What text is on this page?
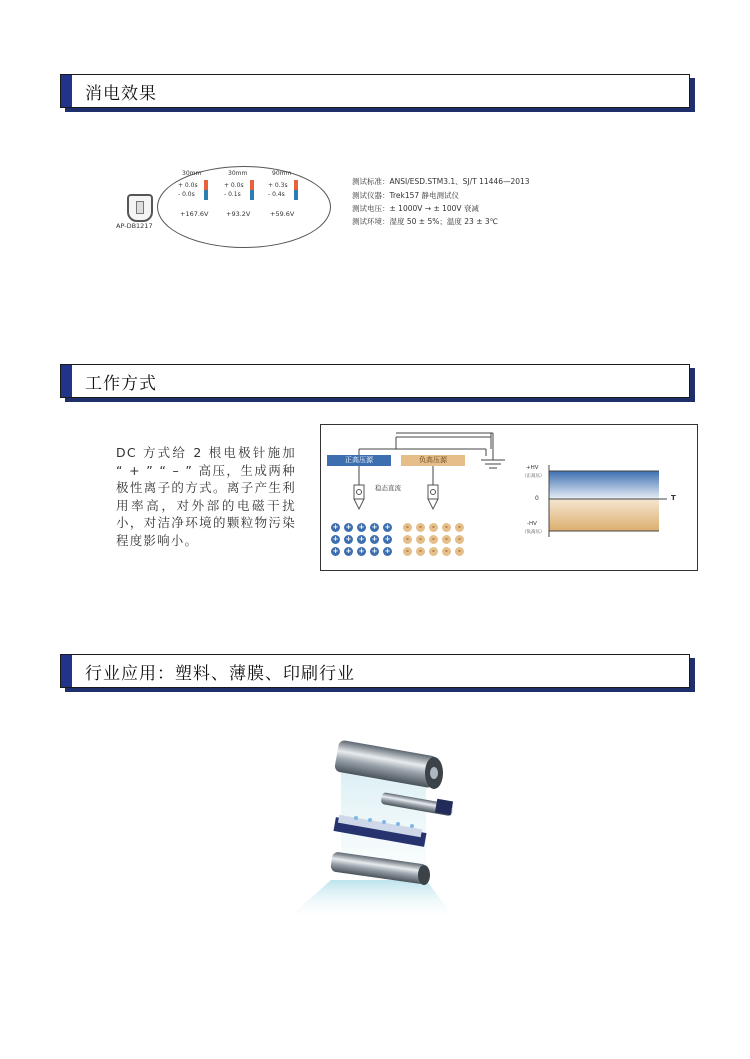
消电效果
AP-DB1217
30mm
+ 0.0s
- 0.0s
+167.6V
30mm
+ 0.0s
- 0.1s
+93.2V
90mm
+ 0.3s
- 0.4s
+59.6V
测试标准：ANSI/ESD.STM3.1、SJ/T 11446—2013
测试仪器：Trek157 静电测试仪
测试电压：± 1000V → ± 100V 衰减
测试环境：湿度 50 ± 5%；温度 23 ± 3℃
工作方式
DC 方式给 2 根电极针施加 “ + ” “ – ” 高压，生成两种极性离子的方式。离子产生利用率高，对外部的电磁干扰小，对洁净环境的颗粒物污染程度影响小。
正高压源	负高压源
稳态直流
+	-
+	-
+	-
+	-
+	-
+	-
+	-
+	-
+	-
+	-
+	-
+	-
+	-
+	-
+	-
+HV
（正高压）
0
-HV
（负高压）
T
行业应用：塑料、薄膜、印刷行业
